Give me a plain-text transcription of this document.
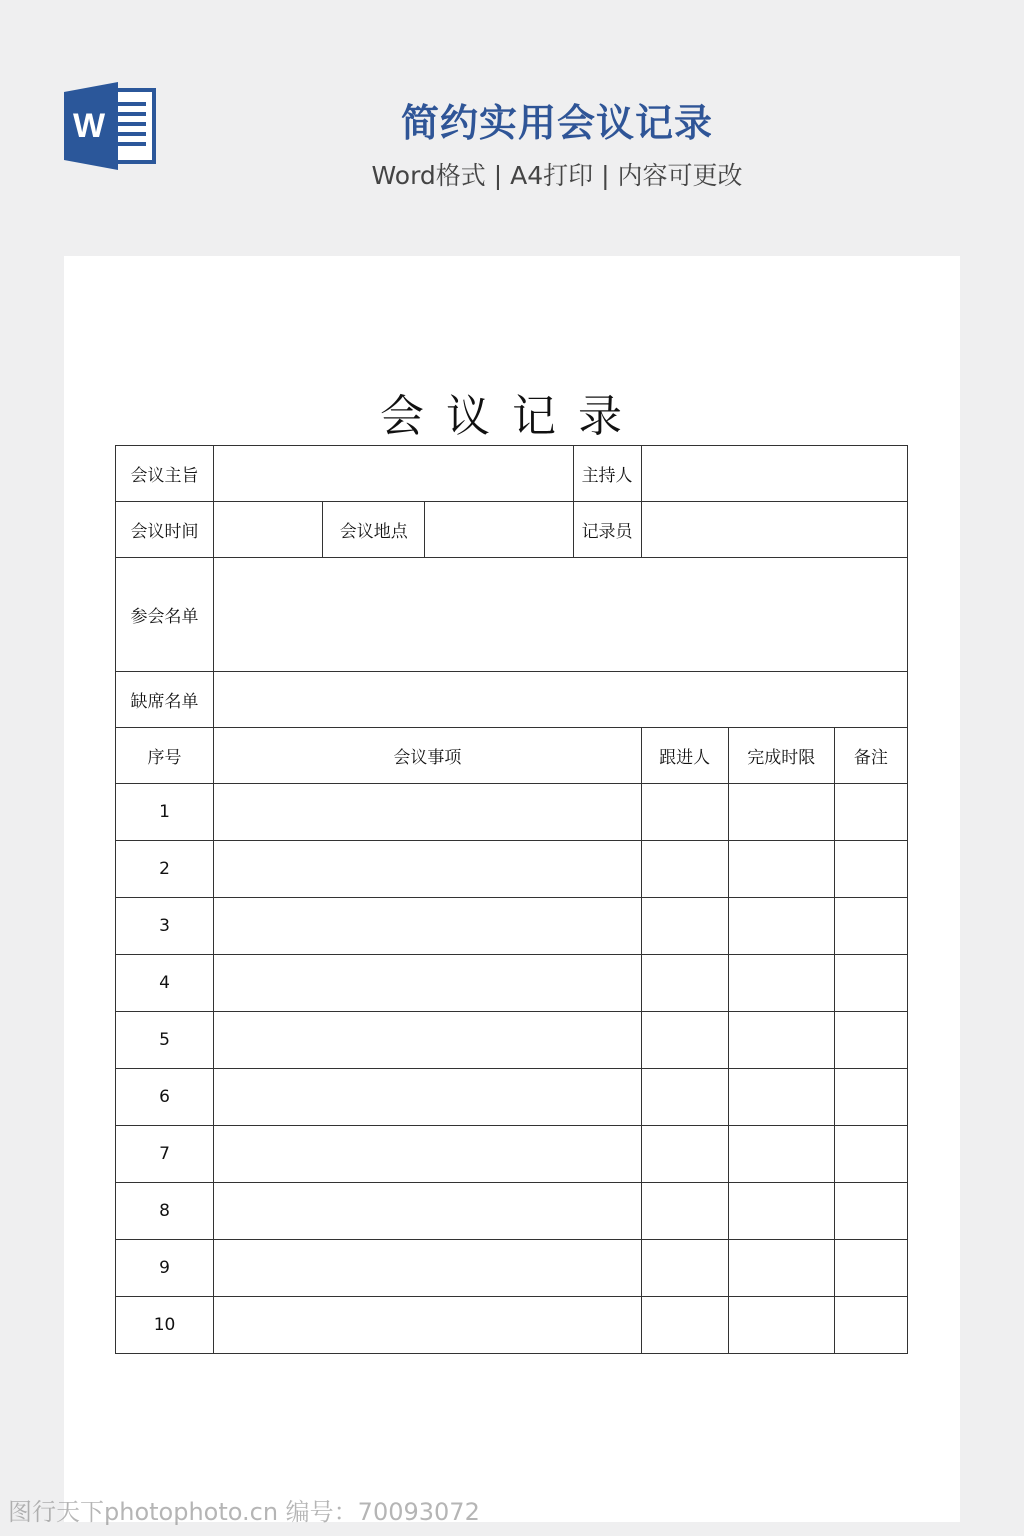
W	简约实用会议记录
Word格式 | A4打印 | 内容可更改
会议记录
会议主旨				主持人			
会议时间		会议地点		记录员			
参会名单							
缺席名单							
序号	会议事项				跟进人	完成时限	备注
1							
2							
3							
4							
5							
6							
7							
8							
9							
10							
图行天下photophoto.cn 编号：70093072
